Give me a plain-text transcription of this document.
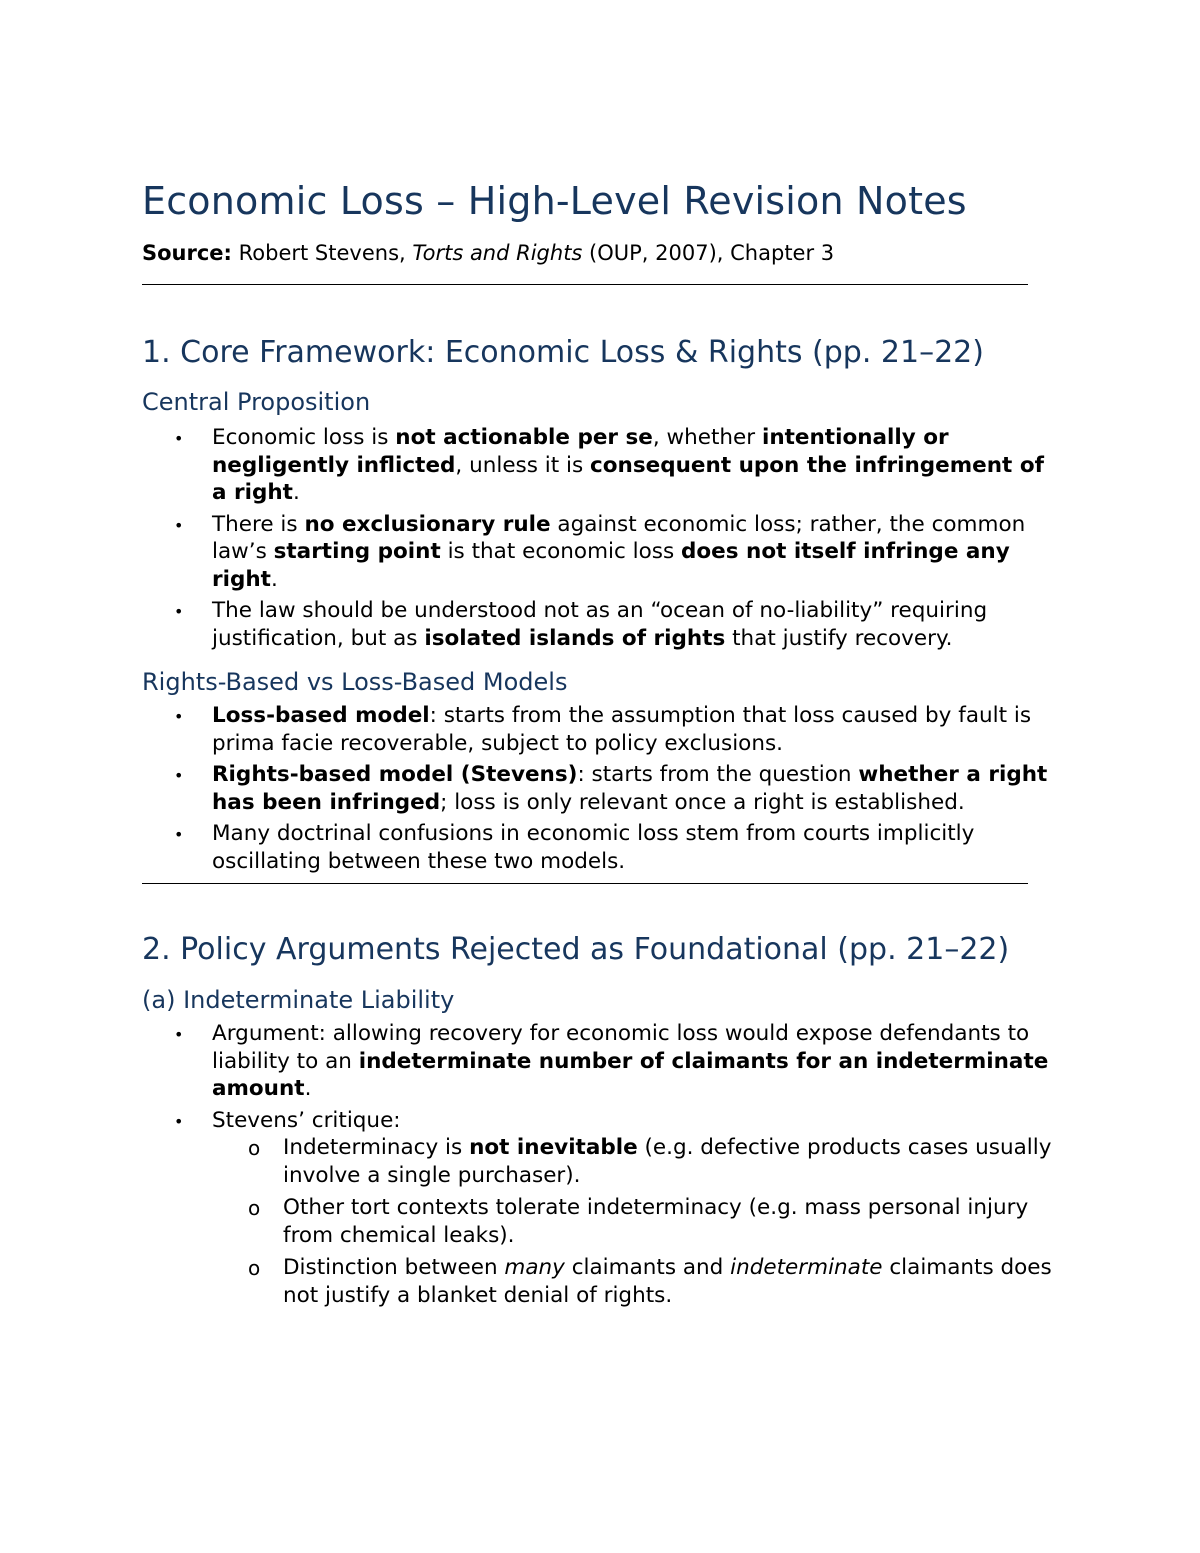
Economic Loss – High-Level Revision Notes
Source: Robert Stevens, Torts and Rights (OUP, 2007), Chapter 3
1. Core Framework: Economic Loss & Rights (pp. 21–22)
Central Proposition
• Economic loss is not actionable per se, whether intentionally or negligently inflicted, unless it is consequent upon the infringement of a right.
• There is no exclusionary rule against economic loss; rather, the common law’s starting point is that economic loss does not itself infringe any right.
• The law should be understood not as an “ocean of no-liability” requiring justification, but as isolated islands of rights that justify recovery.
Rights-Based vs Loss-Based Models
• Loss-based model: starts from the assumption that loss caused by fault is prima facie recoverable, subject to policy exclusions.
• Rights-based model (Stevens): starts from the question whether a right has been infringed; loss is only relevant once a right is established.
• Many doctrinal confusions in economic loss stem from courts implicitly oscillating between these two models.
2. Policy Arguments Rejected as Foundational (pp. 21–22)
(a) Indeterminate Liability
• Argument: allowing recovery for economic loss would expose defendants to liability to an indeterminate number of claimants for an indeterminate amount.
• Stevens’ critique:
o Indeterminacy is not inevitable (e.g. defective products cases usually involve a single purchaser).
o Other tort contexts tolerate indeterminacy (e.g. mass personal injury from chemical leaks).
o Distinction between many claimants and indeterminate claimants does not justify a blanket denial of rights.
